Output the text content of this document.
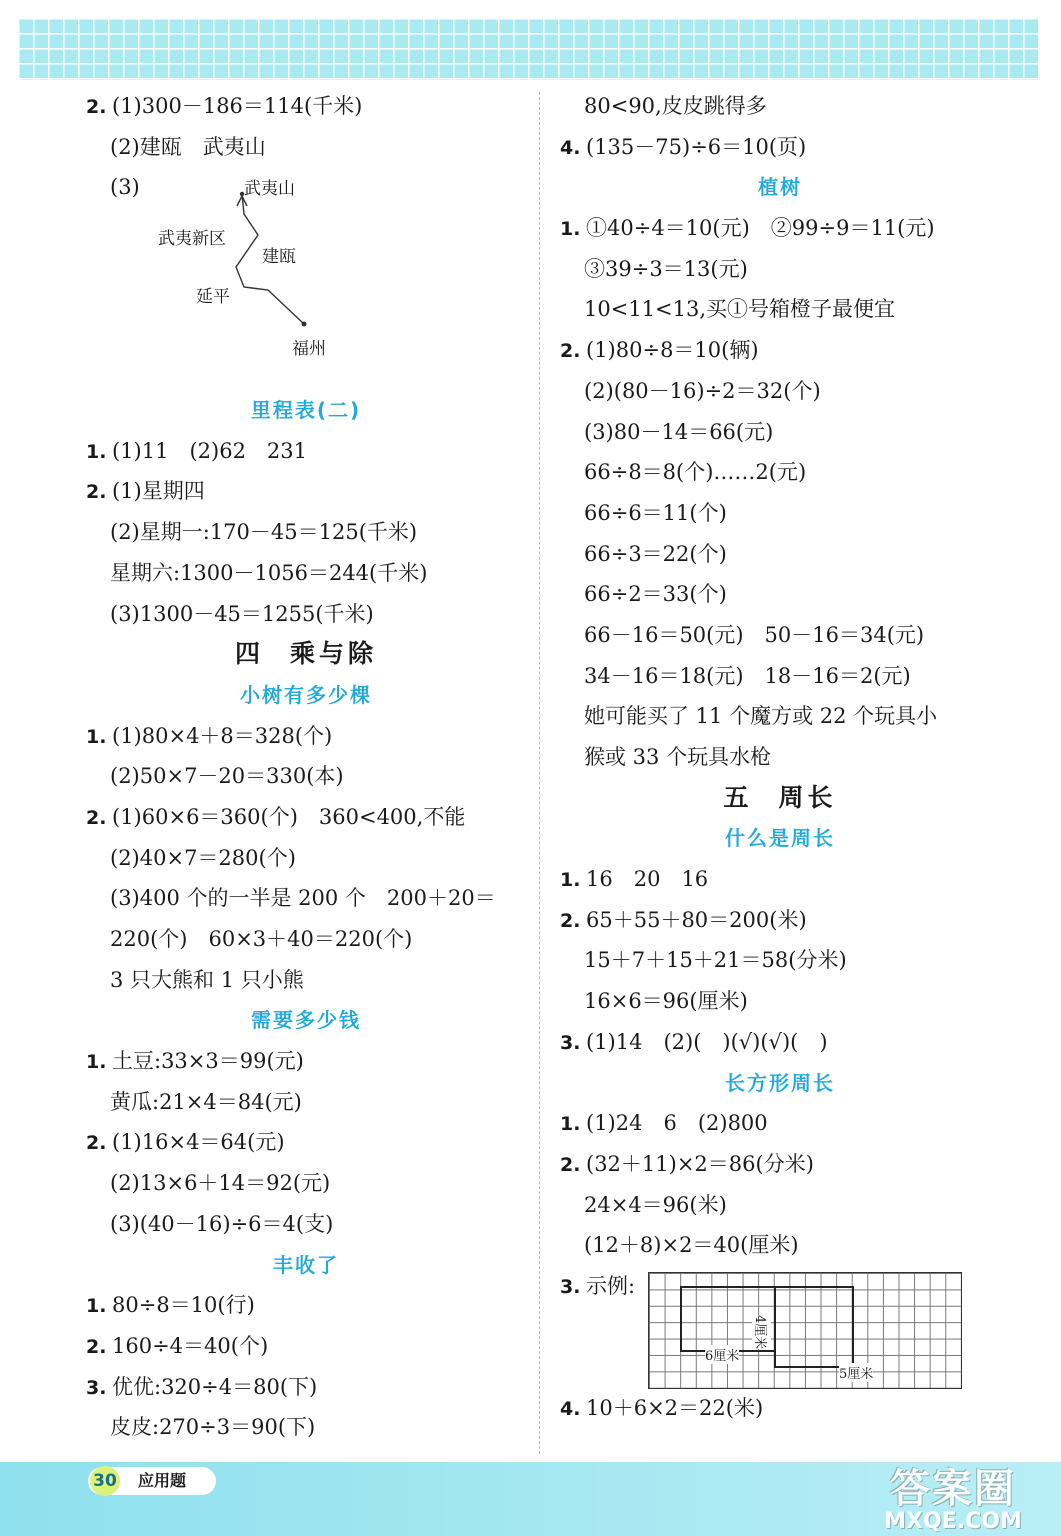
2. (1)300－186＝114(千米)
(2)建瓯　武夷山
(3)	武夷山
武夷新区
建瓯
延平
福州
里程表(二)
1. (1)11　(2)62　231
2. (1)星期四
(2)星期一:170－45＝125(千米)
星期六:1300－1056＝244(千米)
(3)1300－45＝1255(千米)
四 乘与除
小树有多少棵
1. (1)80×4＋8＝328(个)
(2)50×7－20＝330(本)
2. (1)60×6＝360(个)　360<400,不能
(2)40×7＝280(个)
(3)400 个的一半是 200 个　200＋20＝
220(个)　60×3＋40＝220(个)
3 只大熊和 1 只小熊
需要多少钱
1. 土豆:33×3＝99(元)
黄瓜:21×4＝84(元)
2. (1)16×4＝64(元)
(2)13×6＋14＝92(元)
(3)(40－16)÷6＝4(支)
丰收了
1. 80÷8＝10(行)
2. 160÷4＝40(个)
3. 优优:320÷4＝80(下)
皮皮:270÷3＝90(下)
80<90,皮皮跳得多
4. (135－75)÷6＝10(页)
植树
1. ①40÷4＝10(元)　②99÷9＝11(元)
③39÷3＝13(元)
10<11<13,买①号箱橙子最便宜
2. (1)80÷8＝10(辆)
(2)(80－16)÷2＝32(个)
(3)80－14＝66(元)
66÷8＝8(个)……2(元)
66÷6＝11(个)
66÷3＝22(个)
66÷2＝33(个)
66－16＝50(元)　50－16＝34(元)
34－16＝18(元)　18－16＝2(元)
她可能买了 11 个魔方或 22 个玩具小
猴或 33 个玩具水枪
五 周长
什么是周长
1. 16　20　16
2. 65＋55＋80＝200(米)
15＋7＋15＋21＝58(分米)
16×6＝96(厘米)
3. (1)14　(2)(　)(√)(√)(　)
长方形周长
1. (1)24　6　(2)800
2. (32＋11)×2＝86(分米)
24×4＝96(米)
(12＋8)×2＝40(厘米)
3. 示例:
6厘米
4厘米
5厘米
4. 10＋6×2＝22(米)
30 应用题	答案圈
MXQE.COM
